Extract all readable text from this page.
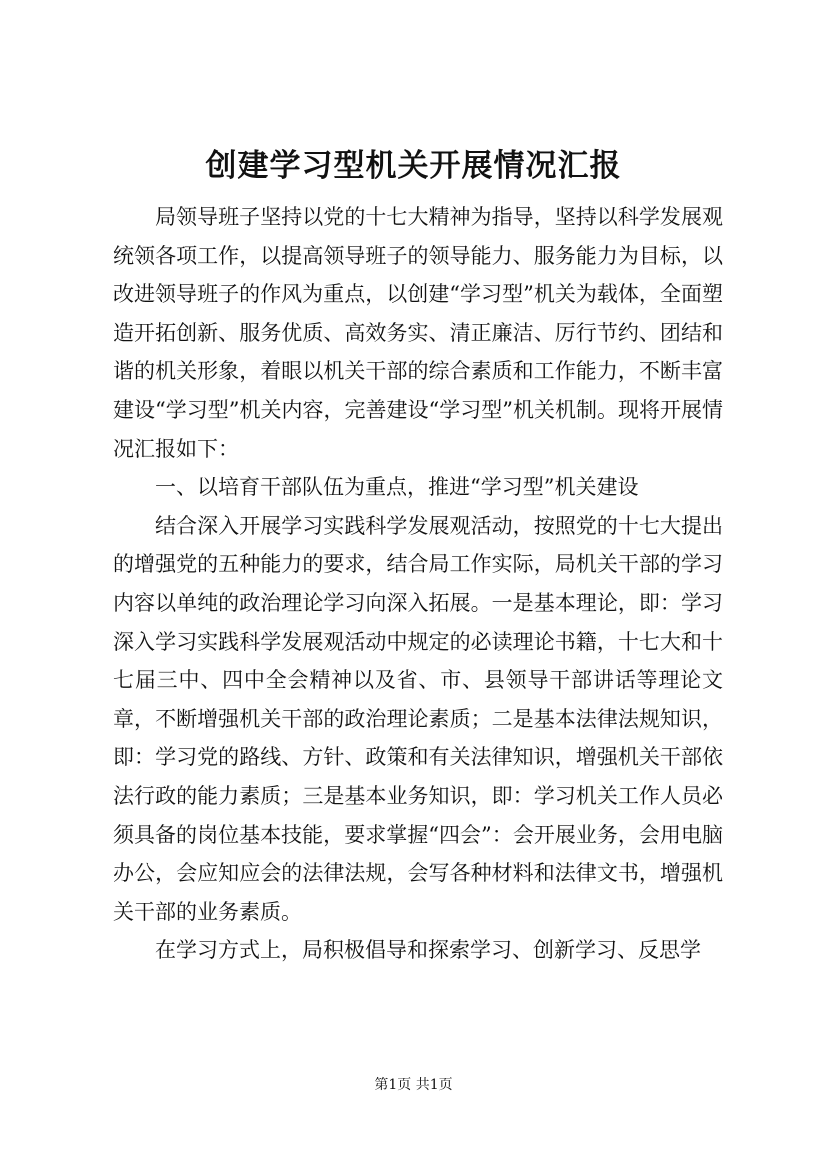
创建学习型机关开展情况汇报

局领导班子坚持以党的十七大精神为指导，坚持以科学发展观统领各项工作，以提高领导班子的领导能力、服务能力为目标，以改进领导班子的作风为重点，以创建“学习型”机关为载体，全面塑造开拓创新、服务优质、高效务实、清正廉洁、厉行节约、团结和谐的机关形象，着眼以机关干部的综合素质和工作能力，不断丰富建设“学习型”机关内容，完善建设“学习型”机关机制。现将开展情况汇报如下：

一、以培育干部队伍为重点，推进“学习型”机关建设

结合深入开展学习实践科学发展观活动，按照党的十七大提出的增强党的五种能力的要求，结合局工作实际，局机关干部的学习内容以单纯的政治理论学习向深入拓展。一是基本理论，即：学习深入学习实践科学发展观活动中规定的必读理论书籍，十七大和十七届三中、四中全会精神以及省、市、县领导干部讲话等理论文章，不断增强机关干部的政治理论素质；二是基本法律法规知识，即：学习党的路线、方针、政策和有关法律知识，增强机关干部依法行政的能力素质；三是基本业务知识，即：学习机关工作人员必须具备的岗位基本技能，要求掌握“四会”：会开展业务，会用电脑办公，会应知应会的法律法规，会写各种材料和法律文书，增强机关干部的业务素质。

在学习方式上，局积极倡导和探索学习、创新学习、反思学

第1页 共1页
